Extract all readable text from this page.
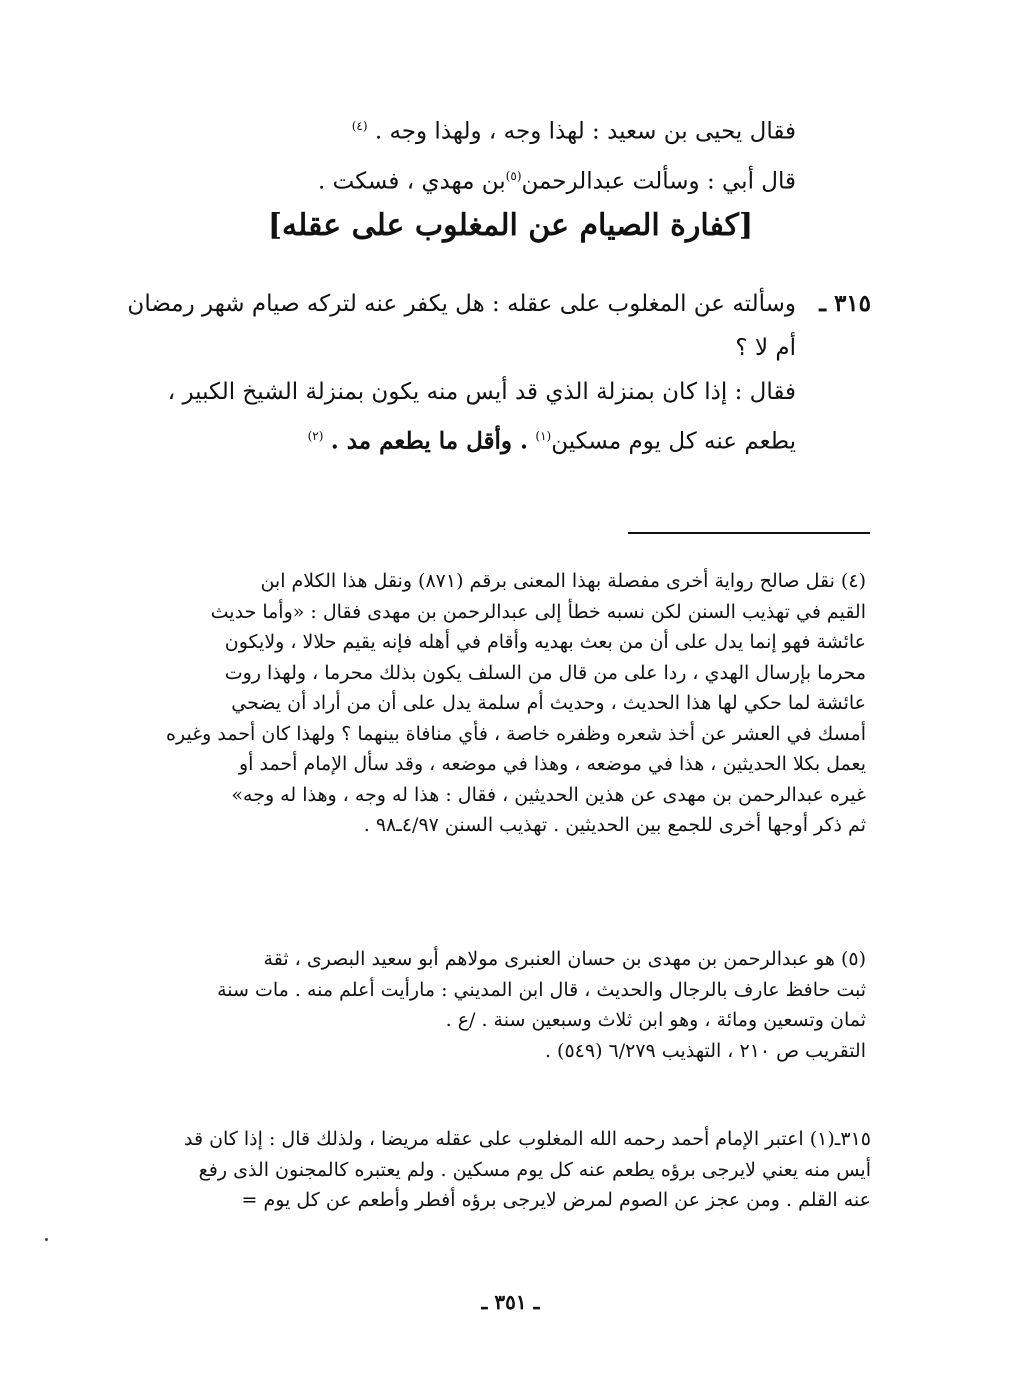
فقال يحيى بن سعيد : لهذا وجه ، ولهذا وجه . $^{(٤)}$
قال أبي : وسألت عبدالرحمن$^{(٥)}$بن مهدي ، فسكت .
[كفارة الصيام عن المغلوب على عقله]
٣١٥ ـ
وسألته عن المغلوب على عقله : هل يكفر عنه لتركه صيام شهر رمضان
أم لا ؟
فقال : إذا كان بمنزلة الذي قد أيس منه يكون بمنزلة الشيخ الكبير ،
يطعم عنه كل يوم مسكين$^{(١)}$ . وأقل ما يطعم مد . $^{(٢)}$
(٤) نقل صالح رواية أخرى مفصلة بهذا المعنى برقم (٨٧١) ونقل هذا الكلام ابن
القيم في تهذيب السنن لكن نسبه خطأ إلى عبدالرحمن بن مهدى فقال : «وأما حديث
عائشة فهو إنما يدل على أن من بعث بهديه وأقام في أهله فإنه يقيم حلالا ، ولايكون
محرما بإرسال الهدي ، ردا على من قال من السلف يكون بذلك محرما ، ولهذا روت
عائشة لما حكي لها هذا الحديث ، وحديث أم سلمة يدل على أن من أراد أن يضحي
أمسك في العشر عن أخذ شعره وظفره خاصة ، فأي منافاة بينهما ؟ ولهذا كان أحمد وغيره
يعمل بكلا الحديثين ، هذا في موضعه ، وهذا في موضعه ، وقد سأل الإمام أحمد أو
غيره عبدالرحمن بن مهدى عن هذين الحديثين ، فقال : هذا له وجه ، وهذا له وجه»
ثم ذكر أوجها أخرى للجمع بين الحديثين . تهذيب السنن ٤/٩٧ـ٩٨ .
(٥) هو عبدالرحمن بن مهدى بن حسان العنبرى مولاهم أبو سعيد البصرى ، ثقة
ثبت حافظ عارف بالرجال والحديث ، قال ابن المديني : مارأيت أعلم منه . مات سنة
ثمان وتسعين ومائة ، وهو ابن ثلاث وسبعين سنة . /ع .
التقريب ص ٢١٠ ، التهذيب ٦/٢٧٩ (٥٤٩) .
٣١٥ـ(١) اعتبر الإمام أحمد رحمه الله المغلوب على عقله مريضا ، ولذلك قال : إذا كان قد
أيس منه يعني لايرجى برؤه يطعم عنه كل يوم مسكين . ولم يعتبره كالمجنون الذى رفع
عنه القلم . ومن عجز عن الصوم لمرض لايرجى برؤه أفطر وأطعم عن كل يوم =
ـ ٣٥١ ـ
